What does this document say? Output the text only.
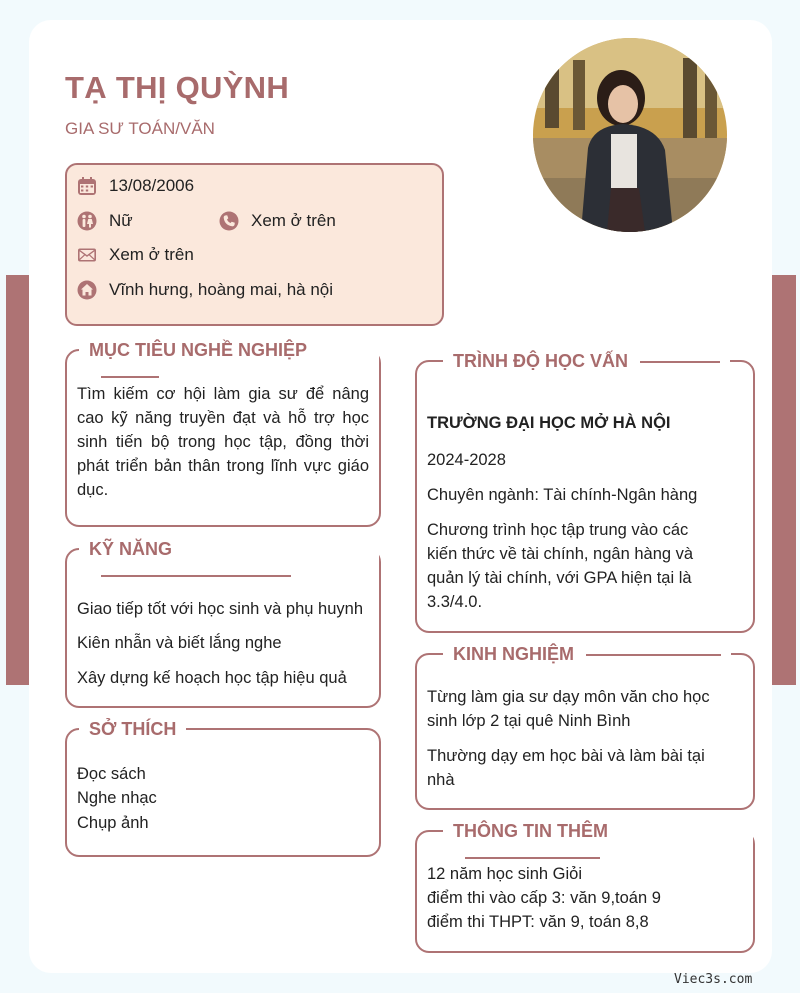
TẠ THỊ QUỲNH
GIA SƯ TOÁN/VĂN
13/08/2006
Nữ	Xem ở trên
Xem ở trên
Vĩnh hưng, hoàng mai, hà nội
MỤC TIÊU NGHỀ NGHIỆP
Tìm kiếm cơ hội làm gia sư để nâng
cao kỹ năng truyền đạt và hỗ trợ học
sinh tiến bộ trong học tập, đồng thời
phát triển bản thân trong lĩnh vực giáo
dục.
KỸ NĂNG
Giao tiếp tốt với học sinh và phụ huynh
Kiên nhẫn và biết lắng nghe
Xây dựng kế hoạch học tập hiệu quả
SỞ THÍCH
Đọc sách
Nghe nhạc
Chụp ảnh
TRÌNH ĐỘ HỌC VẤN
TRƯỜNG ĐẠI HỌC MỞ HÀ NỘI
2024-2028
Chuyên ngành: Tài chính-Ngân hàng
Chương trình học tập trung vào các
kiến thức về tài chính, ngân hàng và
quản lý tài chính, với GPA hiện tại là
3.3/4.0.
KINH NGHIỆM
Từng làm gia sư dạy môn văn cho học
sinh lớp 2 tại quê Ninh Bình
Thường dạy em học bài và làm bài tại
nhà
THÔNG TIN THÊM
12 năm học sinh Giỏi
điểm thi vào cấp 3: văn 9,toán 9
điểm thi THPT: văn 9, toán 8,8
Viec3s.com
